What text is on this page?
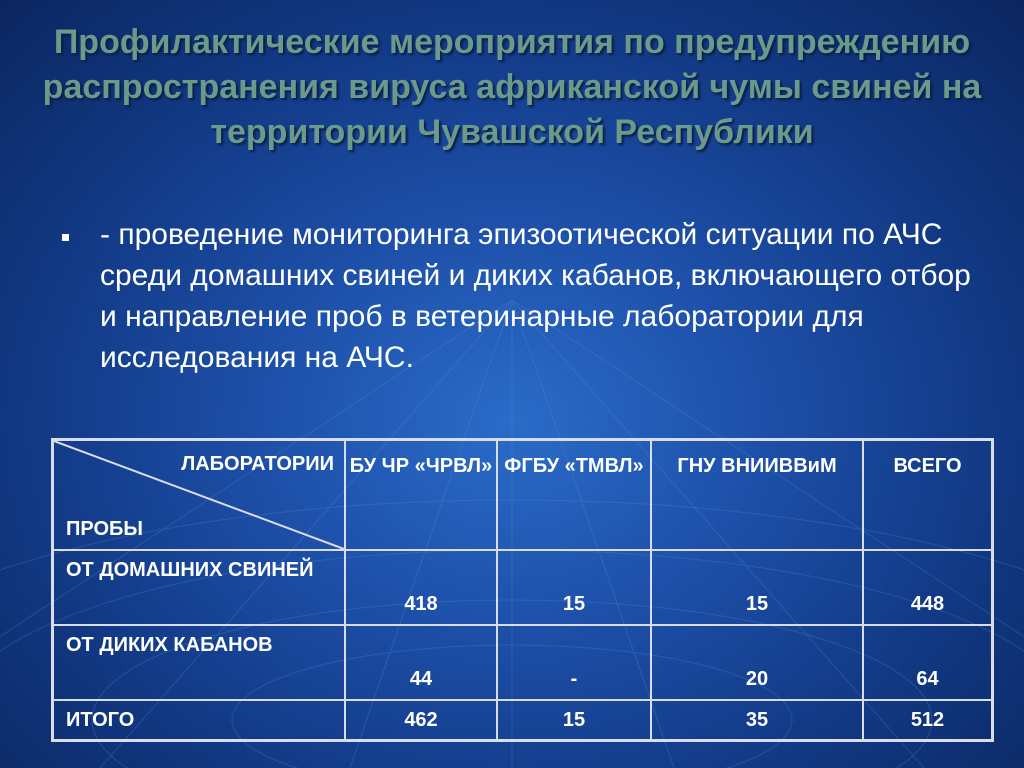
Профилактические мероприятия по предупреждению распространения вируса африканской чумы свиней на территории Чувашской Республики
- проведение мониторинга эпизоотической ситуации по АЧС среди домашних свиней и диких кабанов, включающего отбор и направление проб в ветеринарные лаборатории для исследования на АЧС.
ЛАБОРАТОРИИ
ПРОБЫ	БУ ЧР «ЧРВЛ»	ФГБУ «ТМВЛ»	ГНУ ВНИИВВиМ	ВСЕГО
ОТ ДОМАШНИХ СВИНЕЙ	418	15	15	448
ОТ ДИКИХ КАБАНОВ	44	-	20	64
ИТОГО	462	15	35	512
